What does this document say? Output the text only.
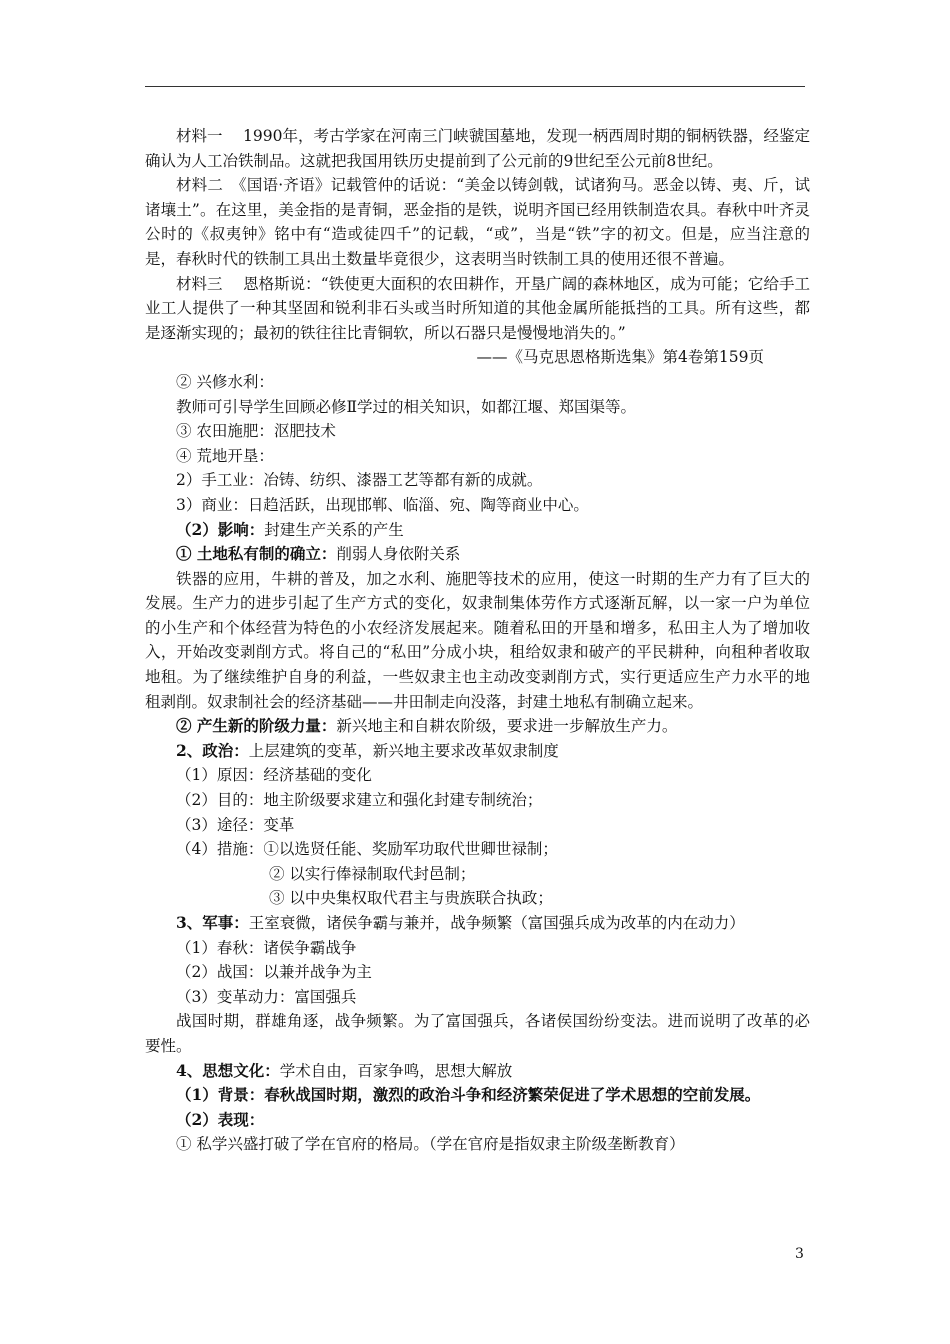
材料一　 1990年，考古学家在河南三门峡虢国墓地，发现一柄西周时期的铜柄铁器，经鉴定确认为人工冶铁制品。这就把我国用铁历史提前到了公元前的9世纪至公元前8世纪。

材料二　《国语·齐语》记载管仲的话说：“美金以铸剑戟，试诸狗马。恶金以铸、夷、斤，试诸壤土”。在这里，美金指的是青铜，恶金指的是铁，说明齐国已经用铁制造农具。春秋中叶齐灵公时的《叔夷钟》铭中有“造或徒四千”的记载，“或”，当是“铁”字的初文。但是，应当注意的是，春秋时代的铁制工具出土数量毕竟很少，这表明当时铁制工具的使用还很不普遍。

材料三　 恩格斯说：“铁使更大面积的农田耕作，开垦广阔的森林地区，成为可能；它给手工业工人提供了一种其坚固和锐利非石头或当时所知道的其他金属所能抵挡的工具。所有这些，都是逐渐实现的；最初的铁往往比青铜软，所以石器只是慢慢地消失的。”

——《马克思恩格斯选集》第4卷第159页

② 兴修水利：

教师可引导学生回顾必修Ⅱ学过的相关知识，如都江堰、郑国渠等。

③ 农田施肥：沤肥技术

④ 荒地开垦：

2）手工业：冶铸、纺织、漆器工艺等都有新的成就。

3）商业：日趋活跃，出现邯郸、临淄、宛、陶等商业中心。

（2）影响：封建生产关系的产生

① 土地私有制的确立：削弱人身依附关系

铁器的应用，牛耕的普及，加之水利、施肥等技术的应用，使这一时期的生产力有了巨大的发展。生产力的进步引起了生产方式的变化，奴隶制集体劳作方式逐渐瓦解，以一家一户为单位的小生产和个体经营为特色的小农经济发展起来。随着私田的开垦和增多，私田主人为了增加收入，开始改变剥削方式。将自己的“私田”分成小块，租给奴隶和破产的平民耕种，向租种者收取地租。为了继续维护自身的利益，一些奴隶主也主动改变剥削方式，实行更适应生产力水平的地租剥削。奴隶制社会的经济基础——井田制走向没落，封建土地私有制确立起来。

② 产生新的阶级力量：新兴地主和自耕农阶级，要求进一步解放生产力。

2、政治：上层建筑的变革，新兴地主要求改革奴隶制度

（1）原因：经济基础的变化

（2）目的：地主阶级要求建立和强化封建专制统治；

（3）途径：变革

（4）措施：①以选贤任能、奖励军功取代世卿世禄制；

② 以实行俸禄制取代封邑制；

③ 以中央集权取代君主与贵族联合执政；

3、军事：王室衰微，诸侯争霸与兼并，战争频繁（富国强兵成为改革的内在动力）

（1）春秋：诸侯争霸战争

（2）战国：以兼并战争为主

（3）变革动力：富国强兵

战国时期，群雄角逐，战争频繁。为了富国强兵，各诸侯国纷纷变法。进而说明了改革的必要性。

4、思想文化：学术自由，百家争鸣，思想大解放

（1）背景：春秋战国时期，激烈的政治斗争和经济繁荣促进了学术思想的空前发展。

（2）表现：

① 私学兴盛打破了学在官府的格局。（学在官府是指奴隶主阶级垄断教育）

3
